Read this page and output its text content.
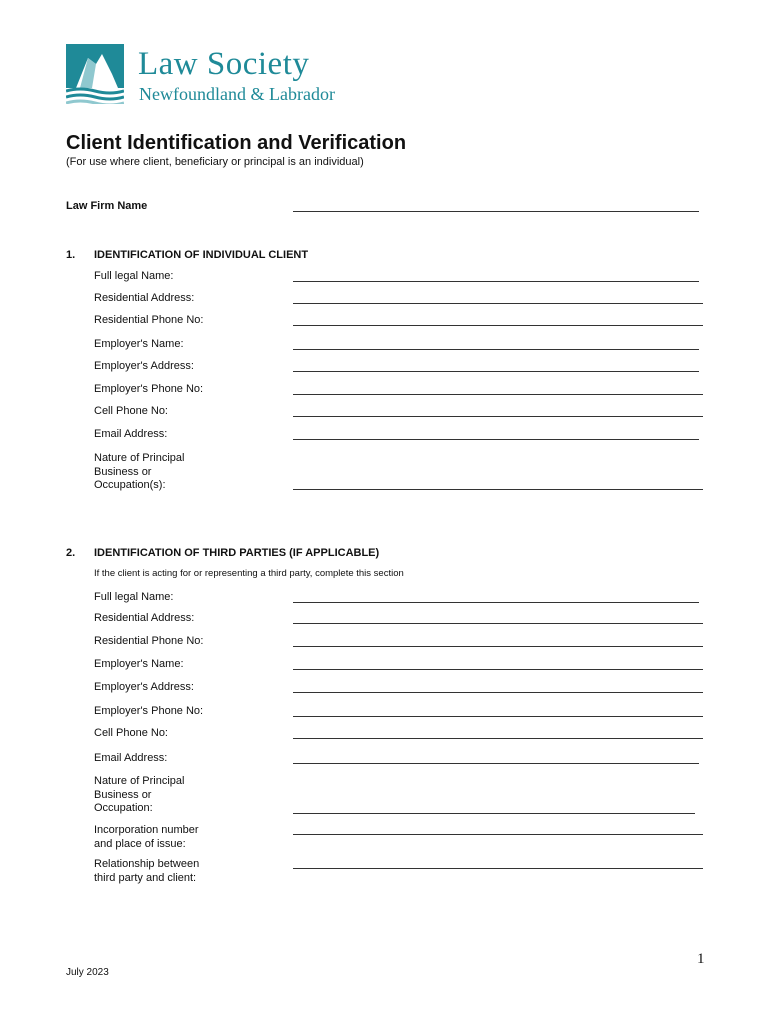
Law Society
Newfoundland & Labrador
Client Identification and Verification
(For use where client, beneficiary or principal is an individual)
Law Firm Name
1. IDENTIFICATION OF INDIVIDUAL CLIENT
Full legal Name:
Residential Address:
Residential Phone No:
Employer's Name:
Employer's Address:
Employer's Phone No:
Cell Phone No:
Email Address:
Nature of Principal
Business or
Occupation(s):
2. IDENTIFICATION OF THIRD PARTIES (IF APPLICABLE)
If the client is acting for or representing a third party, complete this section
Full legal Name:
Residential Address:
Residential Phone No:
Employer's Name:
Employer's Address:
Employer's Phone No:
Cell Phone No:
Email Address:
Nature of Principal
Business or
Occupation:
Incorporation number
and place of issue:
Relationship between
third party and client:
1
July 2023
